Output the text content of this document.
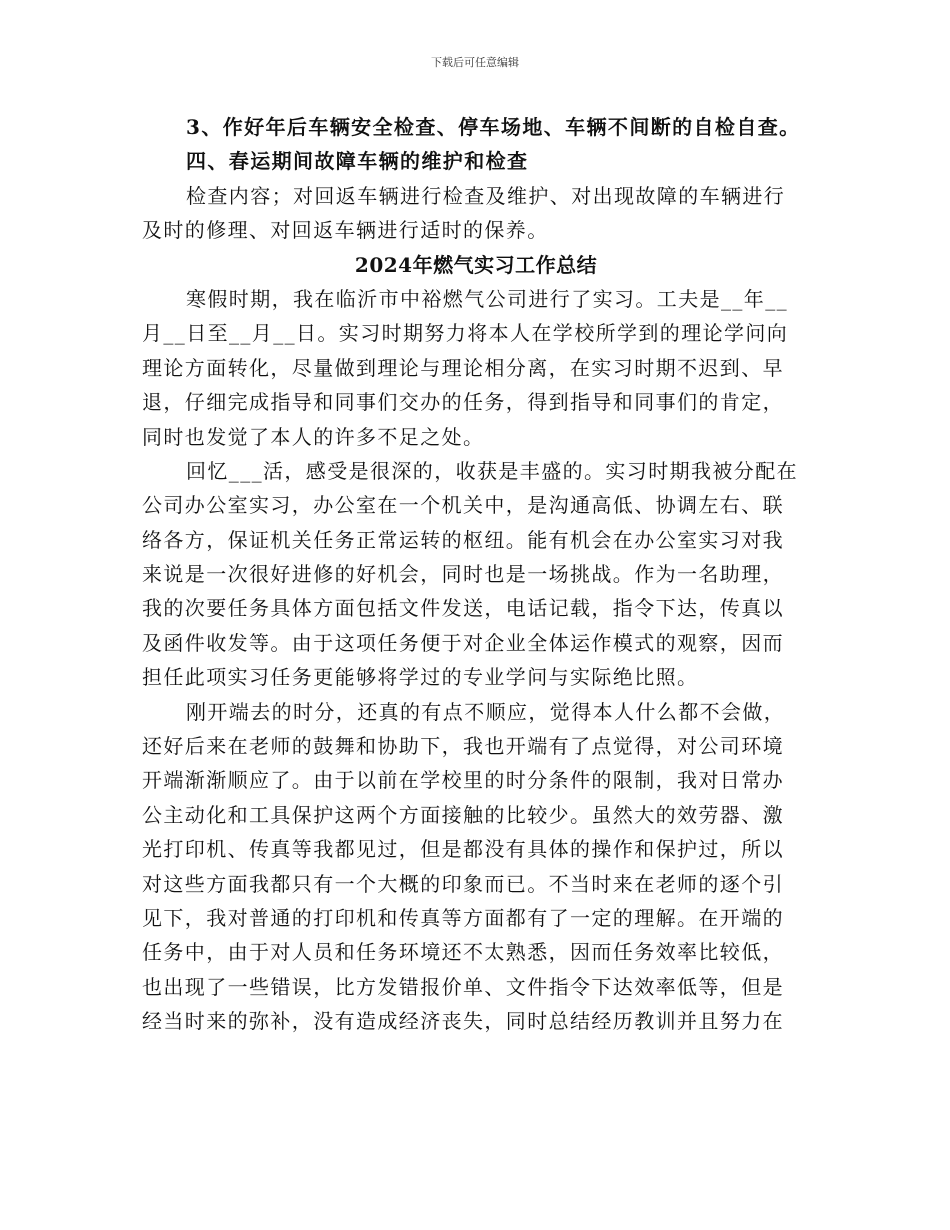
下载后可任意编辑
3、作好年后车辆安全检查、停车场地、车辆不间断的自检自查。
四、春运期间故障车辆的维护和检查
检查内容；对回返车辆进行检查及维护、对出现故障的车辆进行
及时的修理、对回返车辆进行适时的保养。
2024年燃气实习工作总结
寒假时期，我在临沂市中裕燃气公司进行了实习。工夫是__年__
月__日至__月__日。实习时期努力将本人在学校所学到的理论学问向
理论方面转化，尽量做到理论与理论相分离，在实习时期不迟到、早
退，仔细完成指导和同事们交办的任务，得到指导和同事们的肯定，
同时也发觉了本人的许多不足之处。
回忆___活，感受是很深的，收获是丰盛的。实习时期我被分配在
公司办公室实习，办公室在一个机关中，是沟通高低、协调左右、联
络各方，保证机关任务正常运转的枢纽。能有机会在办公室实习对我
来说是一次很好进修的好机会，同时也是一场挑战。作为一名助理，
我的次要任务具体方面包括文件发送，电话记载，指令下达，传真以
及函件收发等。由于这项任务便于对企业全体运作模式的观察，因而
担任此项实习任务更能够将学过的专业学问与实际绝比照。
刚开端去的时分，还真的有点不顺应，觉得本人什么都不会做，
还好后来在老师的鼓舞和协助下，我也开端有了点觉得，对公司环境
开端渐渐顺应了。由于以前在学校里的时分条件的限制，我对日常办
公主动化和工具保护这两个方面接触的比较少。虽然大的效劳器、激
光打印机、传真等我都见过，但是都没有具体的操作和保护过，所以
对这些方面我都只有一个大概的印象而已。不当时来在老师的逐个引
见下，我对普通的打印机和传真等方面都有了一定的理解。在开端的
任务中，由于对人员和任务环境还不太熟悉，因而任务效率比较低，
也出现了一些错误，比方发错报价单、文件指令下达效率低等，但是
经当时来的弥补，没有造成经济丧失，同时总结经历教训并且努力在
